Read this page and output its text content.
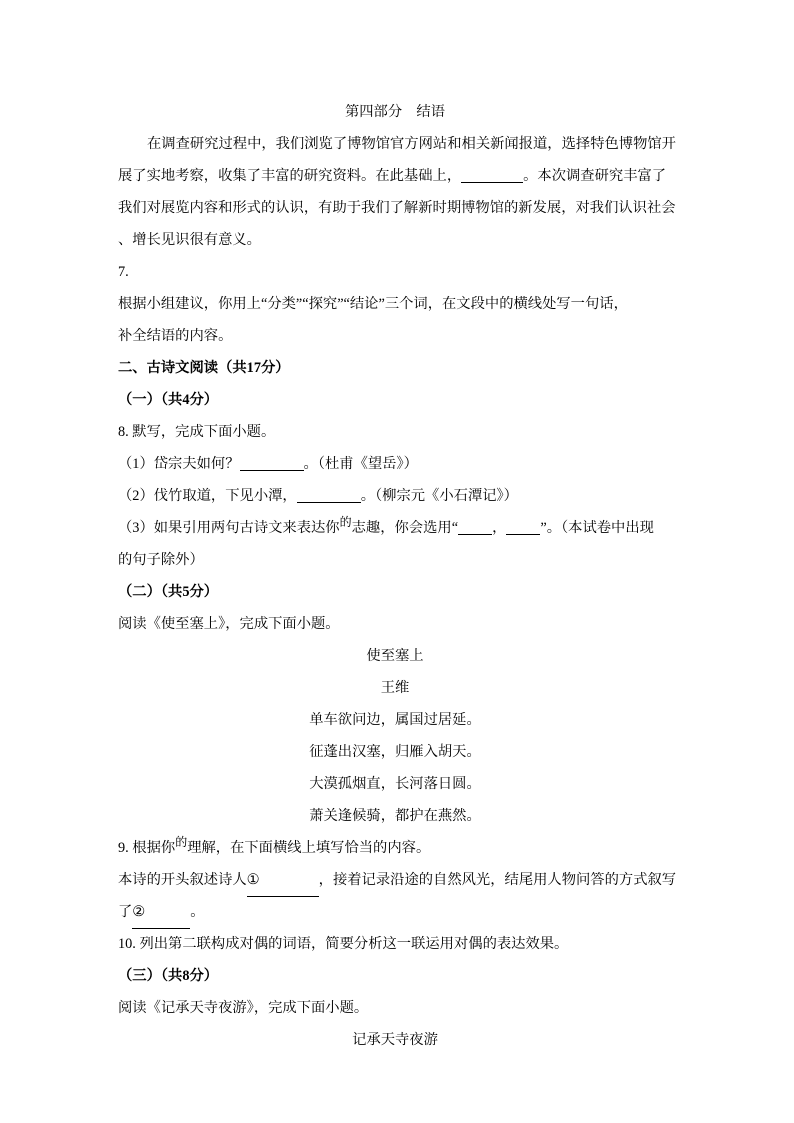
第四部分　结语

在调查研究过程中，我们浏览了博物馆官方网站和相关新闻报道，选择特色博物馆开

展了实地考察，收集了丰富的研究资料。在此基础上，	。本次调查研究丰富了

我们对展览内容和形式的认识，有助于我们了解新时期博物馆的新发展，对我们认识社会

、增长见识很有意义。

7.

根据小组建议，你用上“分类”“探究”“结论”三个词，在文段中的横线处写一句话，

补全结语的内容。

二、古诗文阅读（共17分）

（一）（共4分）

8. 默写，完成下面小题。

（1）岱宗夫如何？	。（杜甫《望岳》）

（2）伐竹取道，下见小潭，	。（柳宗元《小石潭记》）

（3）如果引用两句古诗文来表达你$^的$志趣，你会选用“ ， ”。（本试卷中出现

的句子除外）

（二）（共5分）

阅读《使至塞上》，完成下面小题。

使至塞上

王维

单车欲问边，属国过居延。

征蓬出汉塞，归雁入胡天。

大漠孤烟直，长河落日圆。

萧关逢候骑，都护在燕然。

9. 根据你$^的$理解，在下面横线上填写恰当的内容。

本诗的开头叙述诗人①	，接着记录沿途的自然风光，结尾用人物问答的方式叙写

了②	。

10. 列出第二联构成对偶的词语，简要分析这一联运用对偶的表达效果。

（三）（共8分）

阅读《记承天寺夜游》，完成下面小题。

记承天寺夜游
